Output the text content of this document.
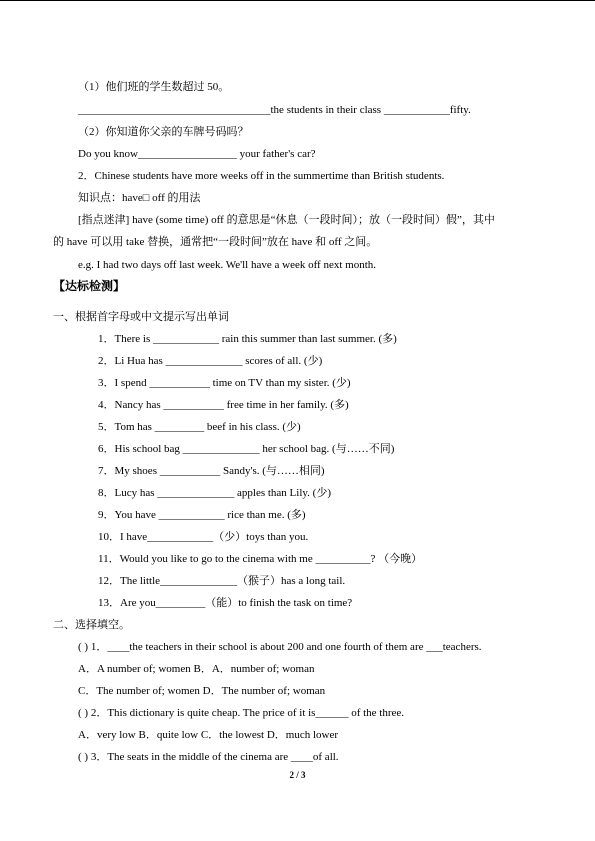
（1）他们班的学生数超过 50。
___________________________________the students in their class ____________fifty.
（2）你知道你父亲的车牌号码吗？
Do you know__________________ your father's car?
2．Chinese students have more weeks off in the summertime than British students.
知识点：have□ off 的用法
[指点迷津] have (some time) off 的意思是“休息（一段时间）；放（一段时间）假”，其中
的 have 可以用 take 替换，通常把“一段时间”放在 have 和 off 之间。
e.g. I had two days off last week. We'll have a week off next month.
【达标检测】
一、根据首字母或中文提示写出单词
1．There is ____________ rain this summer than last summer. (多)
2．Li Hua has ______________ scores of all. (少)
3．I spend ___________ time on TV than my sister. (少)
4．Nancy has ___________ free time in her family. (多)
5．Tom has _________ beef in his class. (少)
6．His school bag ______________ her school bag. (与……不同)
7．My shoes ___________ Sandy's. (与……相同)
8．Lucy has ______________ apples than Lily. (少)
9．You have ____________ rice than me. (多)
10．I have____________（少）toys than you.
11．Would you like to go to the cinema with me __________? （今晚）
12．The little______________（猴子）has a long tail.
13．Are you_________（能）to finish the task on time?
二、选择填空。
( ) 1．____the teachers in their school is about 200 and one fourth of them are ___teachers.
A．A number of; women B．A．number of; woman
C．The number of; women D．The number of; woman
( ) 2．This dictionary is quite cheap. The price of it is______ of the three.
A．very low B．quite low C．the lowest D．much lower
( ) 3．The seats in the middle of the cinema are ____of all.
2 / 3
